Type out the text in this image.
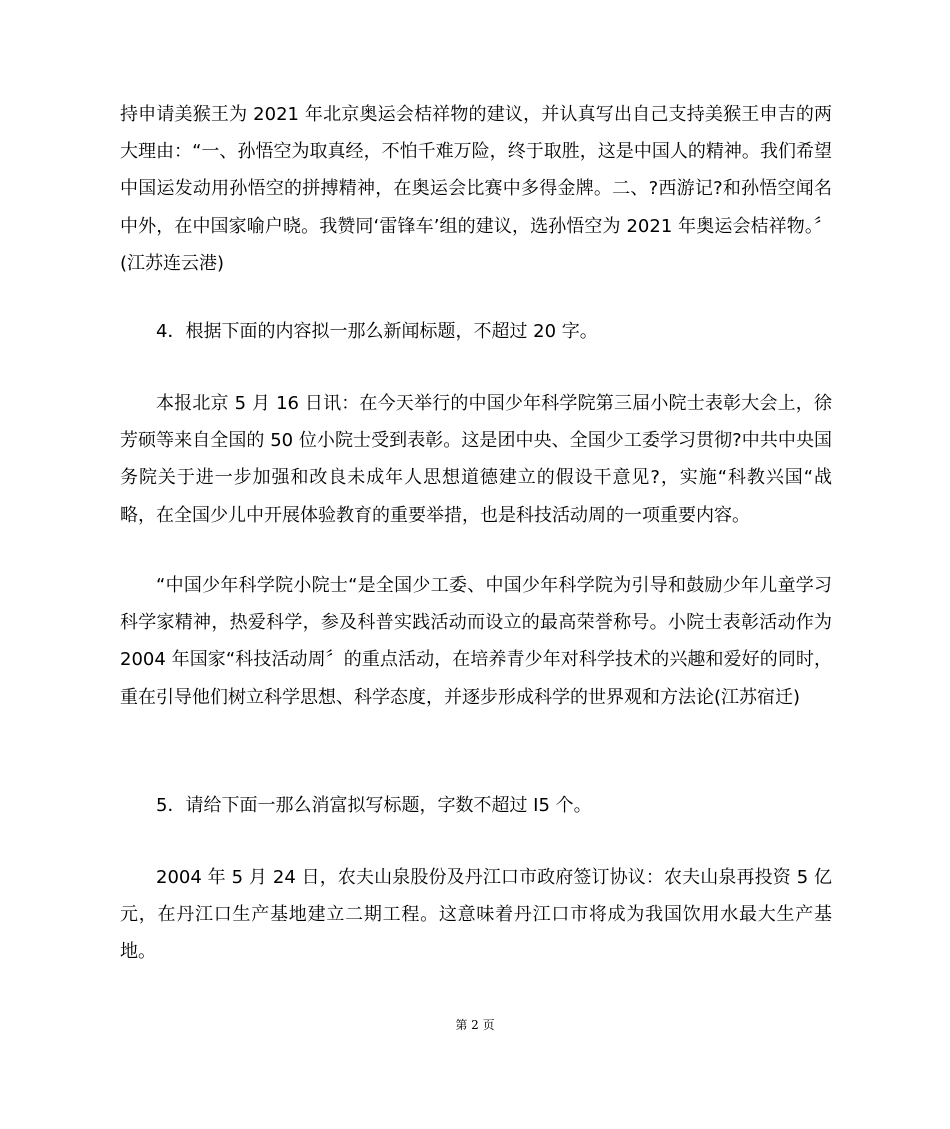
持申请美猴王为 2021 年北京奥运会桔祥物的建议，并认真写出自己支持美猴王申吉的两大理由：“一、孙悟空为取真经，不怕千难万险，终于取胜，这是中国人的精神。我们希望中国运发动用孙悟空的拼搏精神，在奥运会比赛中多得金牌。二、?西游记?和孙悟空闻名中外，在中国家喻户晓。我赞同‘雷锋车’组的建议，选孙悟空为 2021 年奥运会桔祥物。〞(江苏连云港)

4．根据下面的内容拟一那么新闻标题，不超过 20 字。

本报北京 5 月 16 日讯：在今天举行的中国少年科学院第三届小院士表彰大会上，徐芳硕等来自全国的 50 位小院士受到表彰。这是团中央、全国少工委学习贯彻?中共中央国务院关于进一步加强和改良未成年人思想道德建立的假设干意见?，实施“科教兴国“战略，在全国少儿中开展体验教育的重要举措，也是科技活动周的一项重要内容。

“中国少年科学院小院士“是全国少工委、中国少年科学院为引导和鼓励少年儿童学习科学家精神，热爱科学，参及科普实践活动而设立的最高荣誉称号。小院士表彰活动作为 2004 年国家“科技活动周〞的重点活动，在培养青少年对科学技术的兴趣和爱好的同时，重在引导他们树立科学思想、科学态度，并逐步形成科学的世界观和方法论(江苏宿迁)

5．请给下面一那么消富拟写标题，字数不超过 I5 个。

2004 年 5 月 24 日，农夫山泉股份及丹江口市政府签订协议：农夫山泉再投资 5 亿元，在丹江口生产基地建立二期工程。这意味着丹江口市将成为我国饮用水最大生产基地。

第 2 页
